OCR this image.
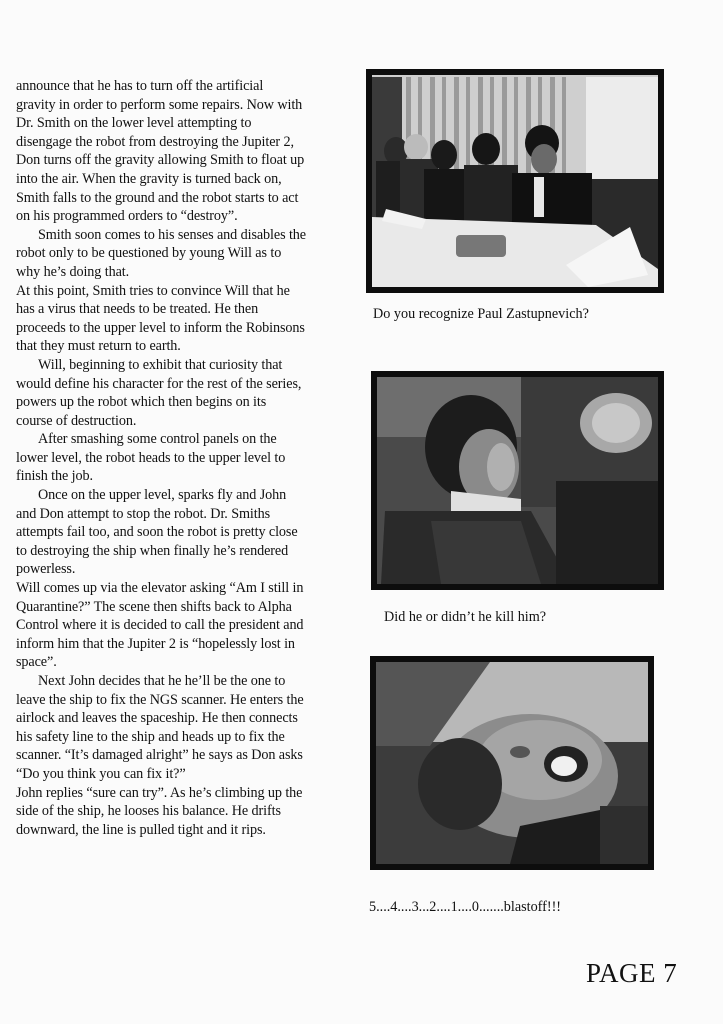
announce that he has to turn off the artificial gravity in order to perform some repairs. Now with Dr. Smith on the lower level attempting to disengage the robot from destroying the Jupiter 2, Don turns off the gravity allowing Smith to float up into the air. When the gravity is turned back on, Smith falls to the ground and the robot starts to act on his programmed orders to “destroy”.

Smith soon comes to his senses and disables the robot only to be questioned by young Will as to why he’s doing that.

At this point, Smith tries to convince Will that he has a virus that needs to be treated. He then proceeds to the upper level to inform the Robinsons that they must return to earth.

Will, beginning to exhibit that curiosity that would define his character for the rest of the series, powers up the robot which then begins on its course of destruction.

After smashing some control panels on the lower level, the robot heads to the upper level to finish the job.

Once on the upper level, sparks fly and John and Don attempt to stop the robot. Dr. Smiths attempts fail too, and soon the robot is pretty close to destroying the ship when finally he’s rendered powerless.

Will comes up via the elevator asking “Am I still in Quarantine?” The scene then shifts back to Alpha Control where it is decided to call the president and inform him that the Jupiter 2 is “hopelessly lost in space”.

Next John decides that he he’ll be the one to leave the ship to fix the NGS scanner. He enters the airlock and leaves the spaceship. He then connects his safety line to the ship and heads up to fix the scanner. “It’s damaged alright” he says as Don asks “Do you think you can fix it?”

John replies “sure can try”. As he’s climbing up the side of the ship, he looses his balance. He drifts downward, the line is pulled tight and it rips.

Do you recognize Paul Zastupnevich?
Did he or didn’t he kill him?
5....4....3...2....1....0.......blastoff!!!
PAGE 7
